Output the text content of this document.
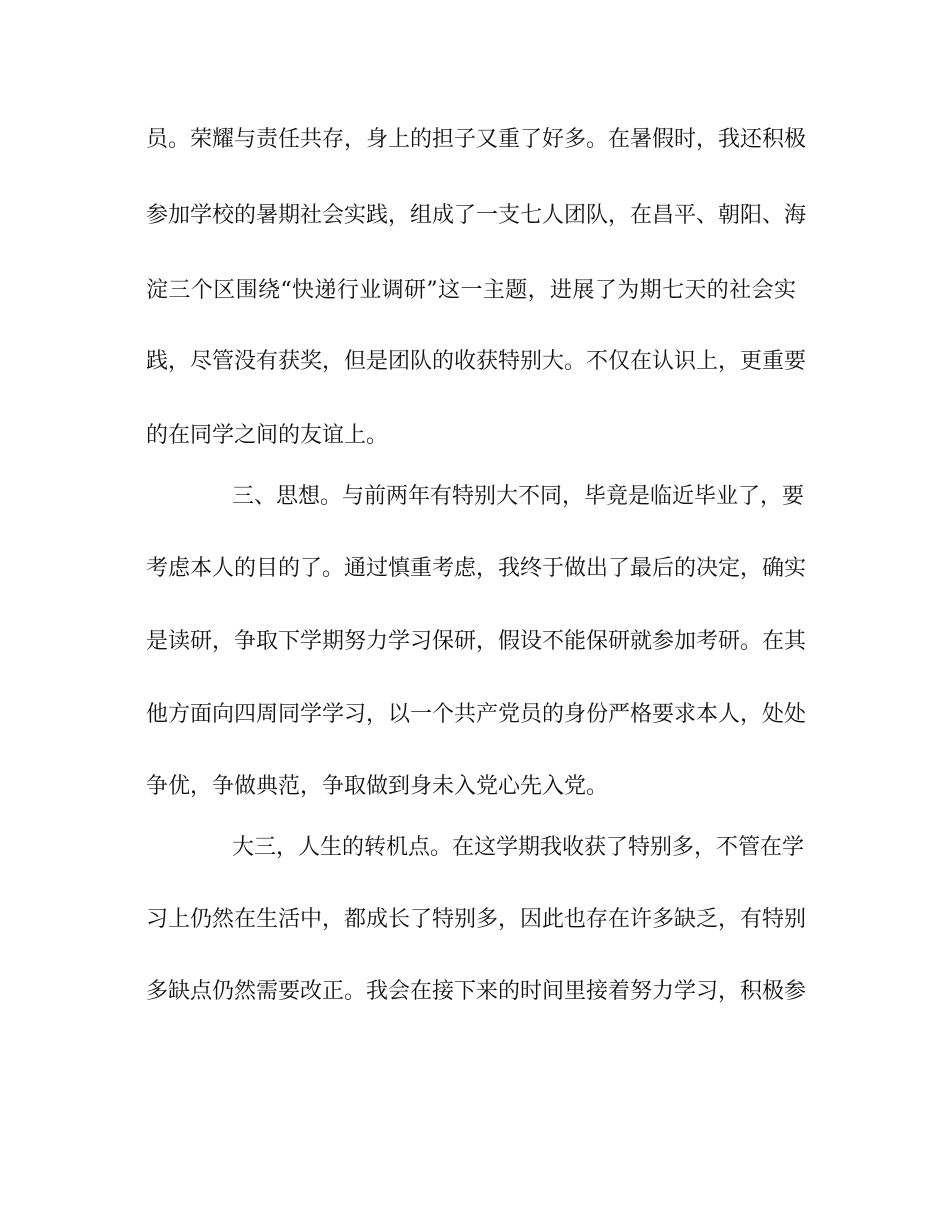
员。荣耀与责任共存，身上的担子又重了好多。在暑假时，我还积极
参加学校的暑期社会实践，组成了一支七人团队，在昌平、朝阳、海
淀三个区围绕“快递行业调研”这一主题，进展了为期七天的社会实
践，尽管没有获奖，但是团队的收获特别大。不仅在认识上，更重要
的在同学之间的友谊上。
三、思想。与前两年有特别大不同，毕竟是临近毕业了，要
考虑本人的目的了。通过慎重考虑，我终于做出了最后的决定，确实
是读研，争取下学期努力学习保研，假设不能保研就参加考研。在其
他方面向四周同学学习，以一个共产党员的身份严格要求本人，处处
争优，争做典范，争取做到身未入党心先入党。
大三，人生的转机点。在这学期我收获了特别多，不管在学
习上仍然在生活中，都成长了特别多，因此也存在许多缺乏，有特别
多缺点仍然需要改正。我会在接下来的时间里接着努力学习，积极参
